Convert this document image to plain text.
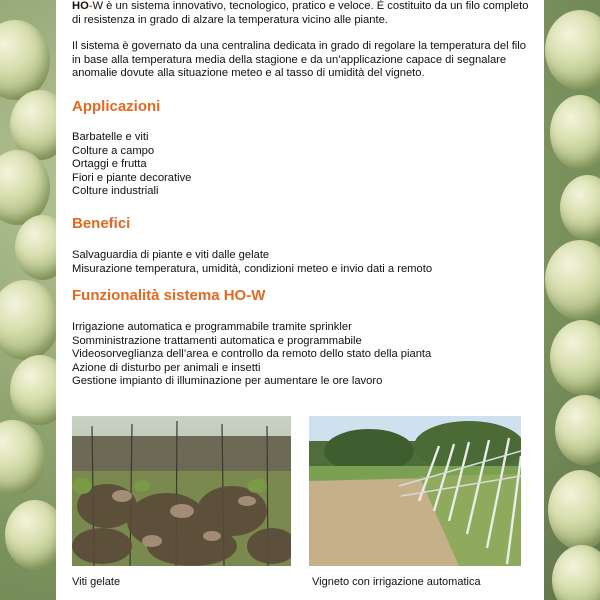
HO-W è un sistema innovativo, tecnologico, pratico e veloce. È costituito da un filo completo di resistenza in grado di alzare la temperatura vicino alle piante.

Il sistema è governato da una centralina dedicata in grado di regolare la temperatura del filo in base alla temperatura media della stagione e da un’applicazione capace di segnalare anomalie dovute alla situazione meteo e al tasso di umidità del vigneto.

Applicazioni
Barbatelle e viti
Colture a campo
Ortaggi e frutta
Fiori e piante decorative
Colture industriali
Benefici
Salvaguardia di piante e viti dalle gelate
Misurazione temperatura, umidità, condizioni meteo e invio dati a remoto
Funzionalità sistema HO-W
Irrigazione automatica e programmabile tramite sprinkler
Somministrazione trattamenti automatica e programmabile
Videosorveglianza dell’area e controllo da remoto dello stato della pianta
Azione di disturbo per animali e insetti
Gestione impianto di illuminazione per aumentare le ore lavoro
Viti gelate	Vigneto con irrigazione automatica
